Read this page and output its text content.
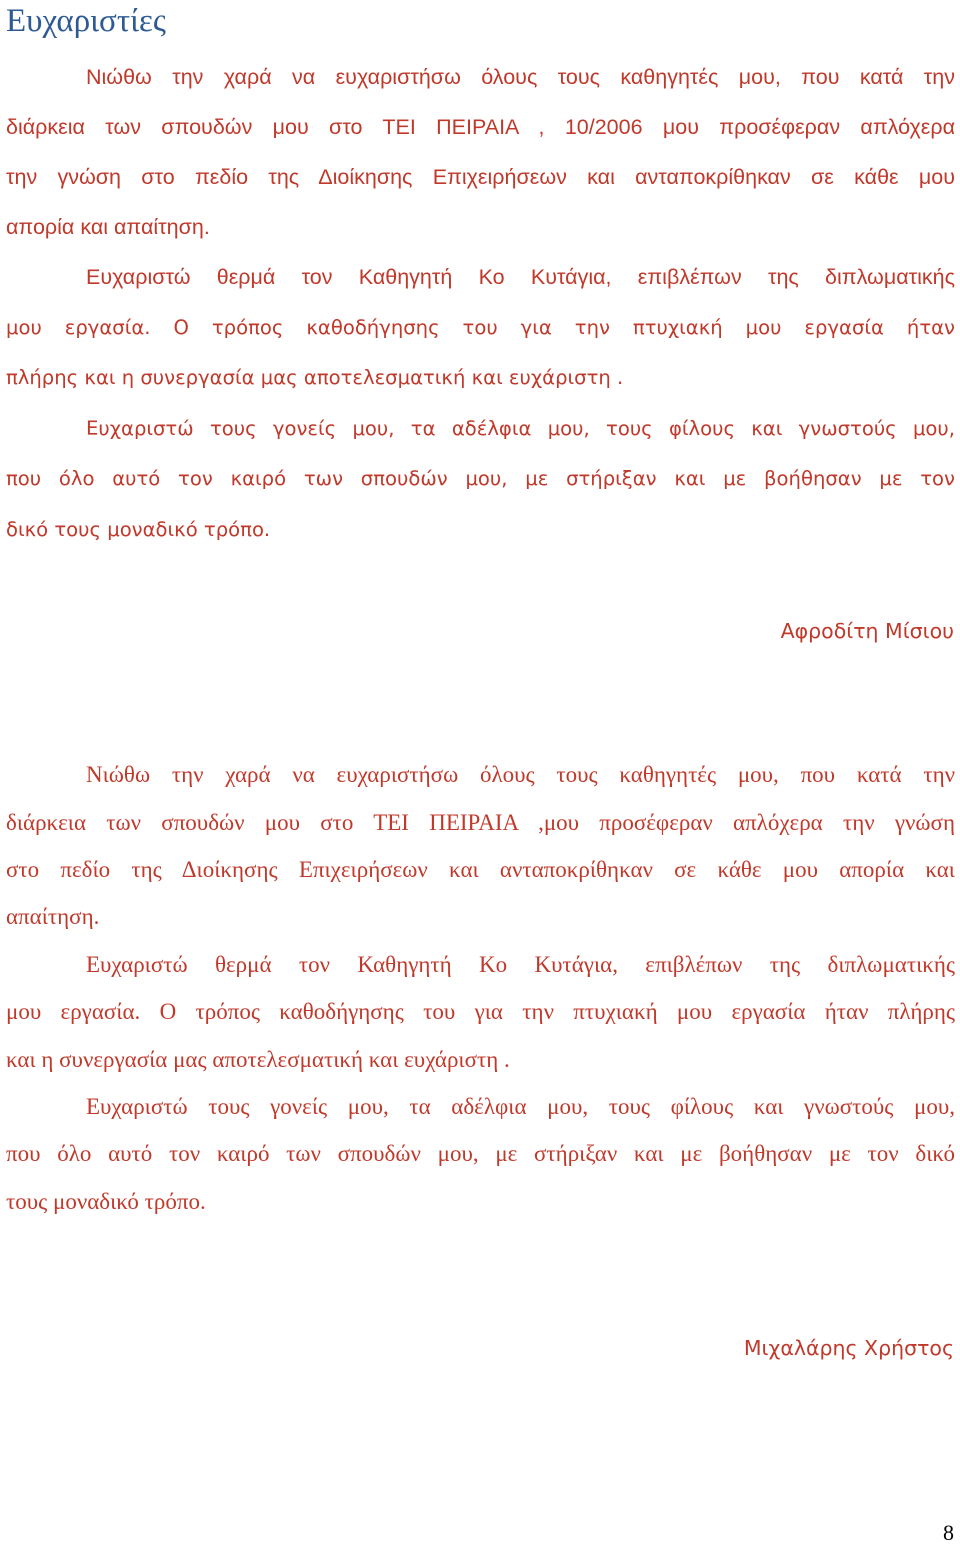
Ευχαριστίες

Νιώθω την χαρά να ευχαριστήσω όλους τους καθηγητές μου, που κατά την

διάρκεια των σπουδών μου στο ΤΕΙ ΠΕΙΡΑΙΑ , 10/2006 μου προσέφεραν απλόχερα

την γνώση στο πεδίο της Διοίκησης Επιχειρήσεων και ανταποκρίθηκαν σε κάθε μου

απορία και απαίτηση.

Ευχαριστώ θερμά τον Καθηγητή Κο Κυτάγια, επιβλέπων της διπλωματικής

μου εργασία. Ο τρόπος καθοδήγησης του για την πτυχιακή μου εργασία ήταν

πλήρης και η συνεργασία μας αποτελεσματική και ευχάριστη .

Ευχαριστώ τους γονείς μου, τα αδέλφια μου, τους φίλους και γνωστούς μου,

που όλο αυτό τον καιρό των σπουδών μου, με στήριξαν και με βοήθησαν με τον

δικό τους μοναδικό τρόπο.

Αφροδίτη Μίσιου

Νιώθω την χαρά να ευχαριστήσω όλους τους καθηγητές μου, που κατά την

διάρκεια των σπουδών μου στο ΤΕΙ ΠΕΙΡΑΙΑ ,μου προσέφεραν απλόχερα την γνώση

στο πεδίο της Διοίκησης Επιχειρήσεων και ανταποκρίθηκαν σε κάθε μου απορία και

απαίτηση.

Ευχαριστώ θερμά τον Καθηγητή Κο Κυτάγια, επιβλέπων της διπλωματικής

μου εργασία. Ο τρόπος καθοδήγησης του για την πτυχιακή μου εργασία ήταν πλήρης

και η συνεργασία μας αποτελεσματική και ευχάριστη .

Ευχαριστώ τους γονείς μου, τα αδέλφια μου, τους φίλους και γνωστούς μου,

που όλο αυτό τον καιρό των σπουδών μου, με στήριξαν και με βοήθησαν με τον δικό

τους μοναδικό τρόπο.

Μιχαλάρης Χρήστος

8
